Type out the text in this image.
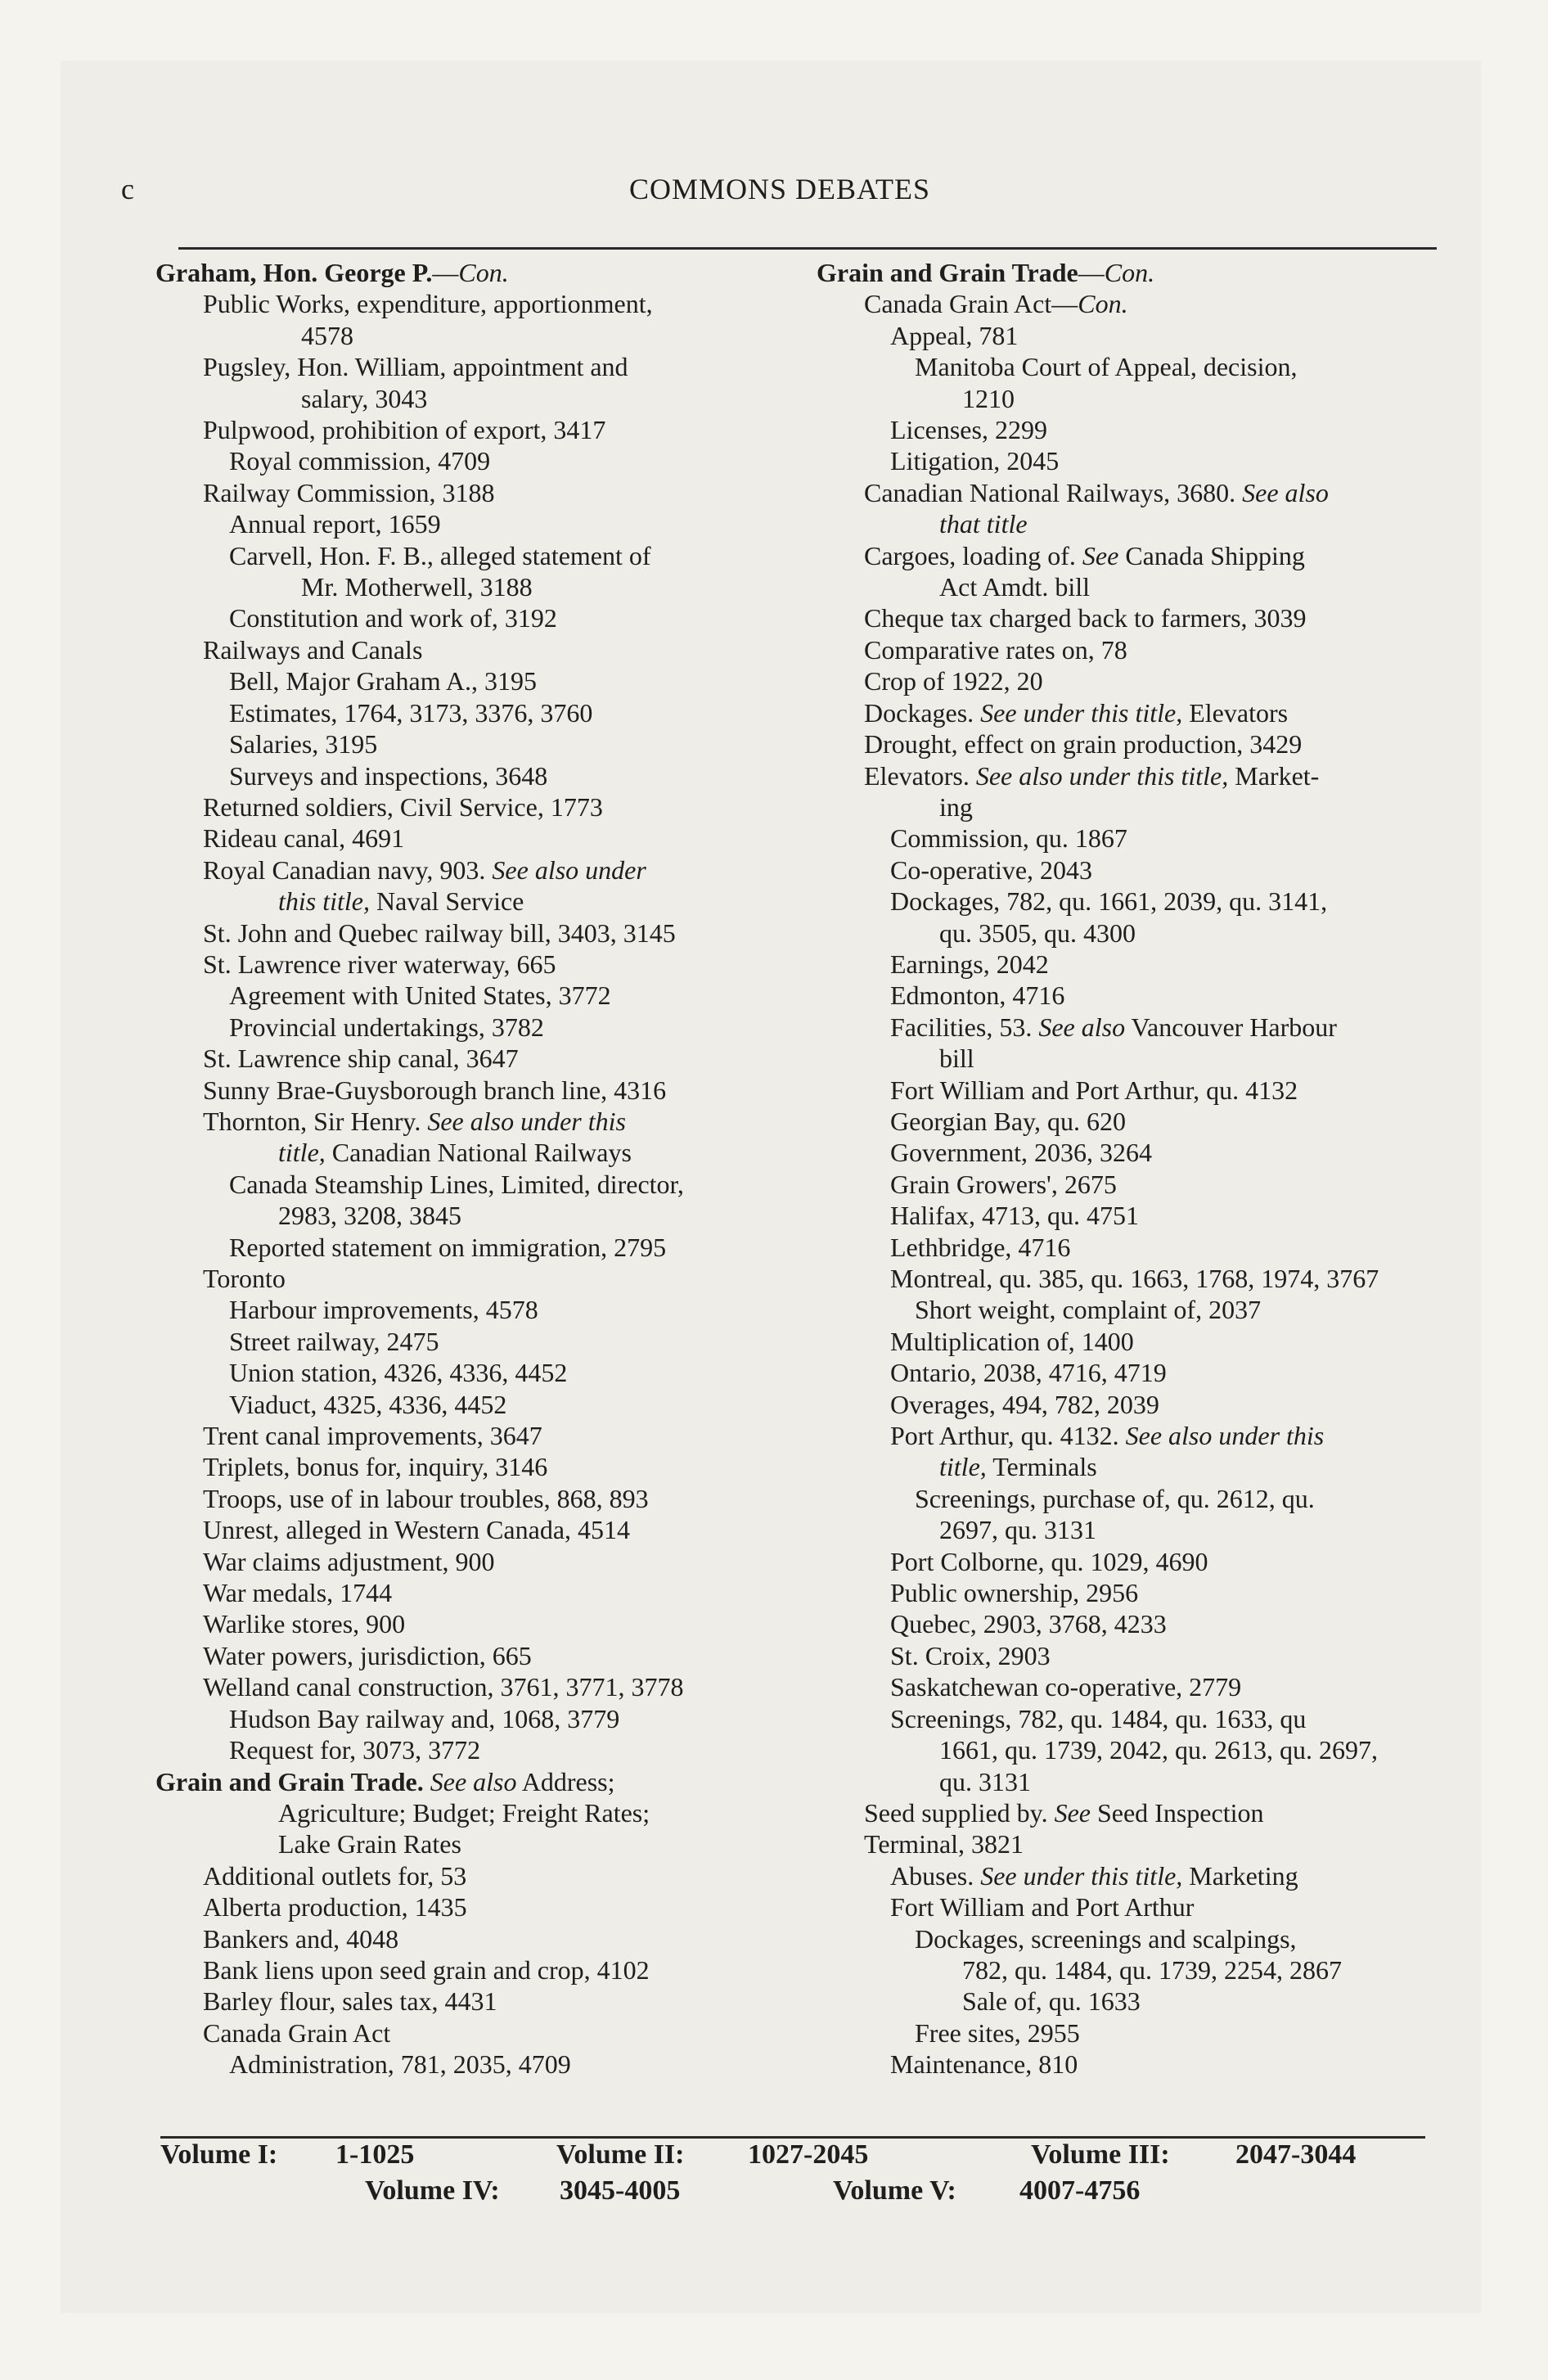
c	COMMONS DEBATES
Graham, Hon. George P.—Con.
Public Works, expenditure, apportionment,
4578
Pugsley, Hon. William, appointment and
salary, 3043
Pulpwood, prohibition of export, 3417
Royal commission, 4709
Railway Commission, 3188
Annual report, 1659
Carvell, Hon. F. B., alleged statement of
Mr. Motherwell, 3188
Constitution and work of, 3192
Railways and Canals
Bell, Major Graham A., 3195
Estimates, 1764, 3173, 3376, 3760
Salaries, 3195
Surveys and inspections, 3648
Returned soldiers, Civil Service, 1773
Rideau canal, 4691
Royal Canadian navy, 903. See also under
this title, Naval Service
St. John and Quebec railway bill, 3403, 3145
St. Lawrence river waterway, 665
Agreement with United States, 3772
Provincial undertakings, 3782
St. Lawrence ship canal, 3647
Sunny Brae-Guysborough branch line, 4316
Thornton, Sir Henry. See also under this
title, Canadian National Railways
Canada Steamship Lines, Limited, director,
2983, 3208, 3845
Reported statement on immigration, 2795
Toronto
Harbour improvements, 4578
Street railway, 2475
Union station, 4326, 4336, 4452
Viaduct, 4325, 4336, 4452
Trent canal improvements, 3647
Triplets, bonus for, inquiry, 3146
Troops, use of in labour troubles, 868, 893
Unrest, alleged in Western Canada, 4514
War claims adjustment, 900
War medals, 1744
Warlike stores, 900
Water powers, jurisdiction, 665
Welland canal construction, 3761, 3771, 3778
Hudson Bay railway and, 1068, 3779
Request for, 3073, 3772
Grain and Grain Trade. See also Address;
Agriculture; Budget; Freight Rates;
Lake Grain Rates
Additional outlets for, 53
Alberta production, 1435
Bankers and, 4048
Bank liens upon seed grain and crop, 4102
Barley flour, sales tax, 4431
Canada Grain Act
Administration, 781, 2035, 4709
Grain and Grain Trade—Con.
Canada Grain Act—Con.
Appeal, 781
Manitoba Court of Appeal, decision,
1210
Licenses, 2299
Litigation, 2045
Canadian National Railways, 3680. See also
that title
Cargoes, loading of. See Canada Shipping
Act Amdt. bill
Cheque tax charged back to farmers, 3039
Comparative rates on, 78
Crop of 1922, 20
Dockages. See under this title, Elevators
Drought, effect on grain production, 3429
Elevators. See also under this title, Market-
ing
Commission, qu. 1867
Co-operative, 2043
Dockages, 782, qu. 1661, 2039, qu. 3141,
qu. 3505, qu. 4300
Earnings, 2042
Edmonton, 4716
Facilities, 53. See also Vancouver Harbour
bill
Fort William and Port Arthur, qu. 4132
Georgian Bay, qu. 620
Government, 2036, 3264
Grain Growers', 2675
Halifax, 4713, qu. 4751
Lethbridge, 4716
Montreal, qu. 385, qu. 1663, 1768, 1974, 3767
Short weight, complaint of, 2037
Multiplication of, 1400
Ontario, 2038, 4716, 4719
Overages, 494, 782, 2039
Port Arthur, qu. 4132. See also under this
title, Terminals
Screenings, purchase of, qu. 2612, qu.
2697, qu. 3131
Port Colborne, qu. 1029, 4690
Public ownership, 2956
Quebec, 2903, 3768, 4233
St. Croix, 2903
Saskatchewan co-operative, 2779
Screenings, 782, qu. 1484, qu. 1633, qu
1661, qu. 1739, 2042, qu. 2613, qu. 2697,
qu. 3131
Seed supplied by. See Seed Inspection
Terminal, 3821
Abuses. See under this title, Marketing
Fort William and Port Arthur
Dockages, screenings and scalpings,
782, qu. 1484, qu. 1739, 2254, 2867
Sale of, qu. 1633
Free sites, 2955
Maintenance, 810
Volume I: 1-1025	Volume II: 1027-2045	Volume III: 2047-3044
Volume IV: 3045-4005	Volume V: 4007-4756
